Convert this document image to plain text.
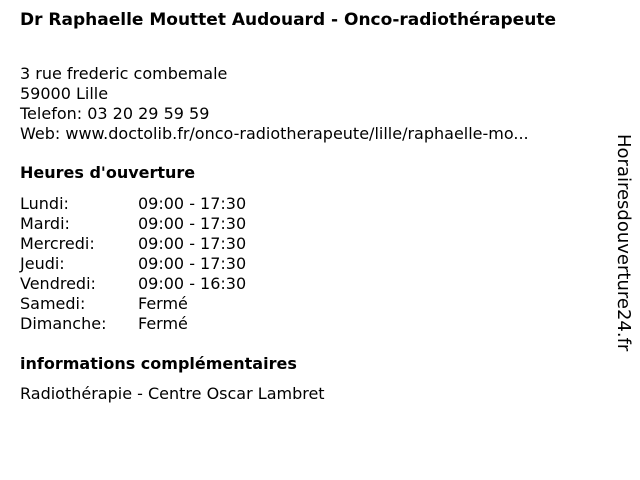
Dr Raphaelle Mouttet Audouard - Onco-radiothérapeute
3 rue frederic combemale
59000 Lille
Telefon: 03 20 29 59 59
Web: www.doctolib.fr/onco-radiotherapeute/lille/raphaelle-mo...
Heures d'ouverture
Lundi:	09:00 - 17:30
Mardi:	09:00 - 17:30
Mercredi:	09:00 - 17:30
Jeudi:	09:00 - 17:30
Vendredi:	09:00 - 16:30
Samedi:	Fermé
Dimanche: Fermé
informations complémentaires
Radiothérapie - Centre Oscar Lambret
Horairesdouverture24.fr
